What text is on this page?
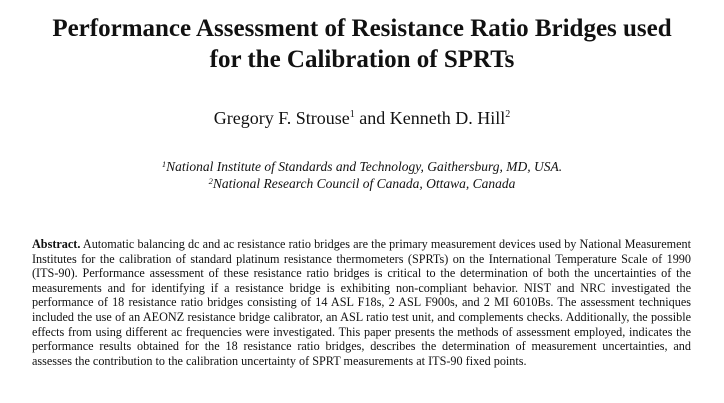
Performance Assessment of Resistance Ratio Bridges used
for the Calibration of SPRTs
Gregory F. Strouse$^1$ and Kenneth D. Hill$^2$
$^1$National Institute of Standards and Technology, Gaithersburg, MD, USA.
$^2$National Research Council of Canada, Ottawa, Canada

Abstract. Automatic balancing dc and ac resistance ratio bridges are the primary measurement devices used by National Measurement Institutes for the calibration of standard platinum resistance thermometers (SPRTs) on the International Temperature Scale of 1990 (ITS-90). Performance assessment of these resistance ratio bridges is critical to the determination of both the uncertainties of the measurements and for identifying if a resistance bridge is exhibiting non-compliant behavior. NIST and NRC investigated the performance of 18 resistance ratio bridges consisting of 14 ASL F18s, 2 ASL F900s, and 2 MI 6010Bs. The assessment techniques included the use of an AEONZ resistance bridge calibrator, an ASL ratio test unit, and complements checks. Additionally, the possible effects from using different ac frequencies were investigated. This paper presents the methods of assessment employed, indicates the performance results obtained for the 18 resistance ratio bridges, describes the determination of measurement uncertainties, and assesses the contribution to the calibration uncertainty of SPRT measurements at ITS-90 fixed points.
